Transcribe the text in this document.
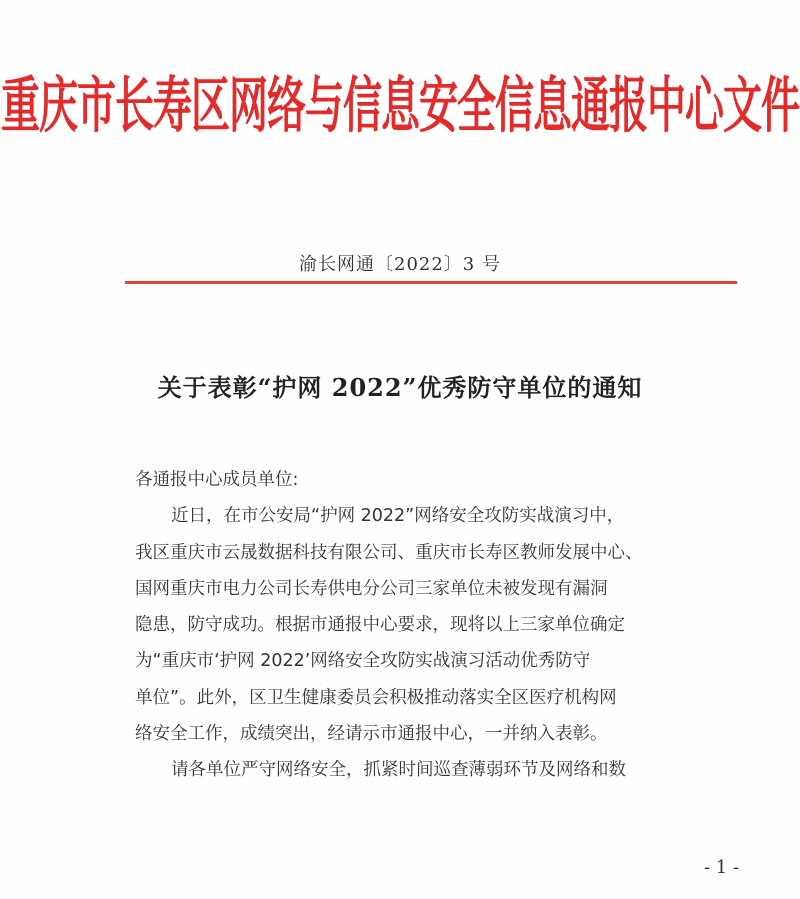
重庆市长寿区网络与信息安全信息通报中心文件
渝长网通〔2022〕3 号
关于表彰“护网 2022”优秀防守单位的通知
各通报中心成员单位:
近日，在市公安局“护网 2022”网络安全攻防实战演习中，
我区重庆市云晟数据科技有限公司、重庆市长寿区教师发展中心、
国网重庆市电力公司长寿供电分公司三家单位未被发现有漏洞
隐患，防守成功。根据市通报中心要求，现将以上三家单位确定
为“重庆市‘护网 2022’网络安全攻防实战演习活动优秀防守
单位”。此外，区卫生健康委员会积极推动落实全区医疗机构网
络安全工作，成绩突出，经请示市通报中心，一并纳入表彰。
请各单位严守网络安全，抓紧时间巡查薄弱环节及网络和数
- 1 -
